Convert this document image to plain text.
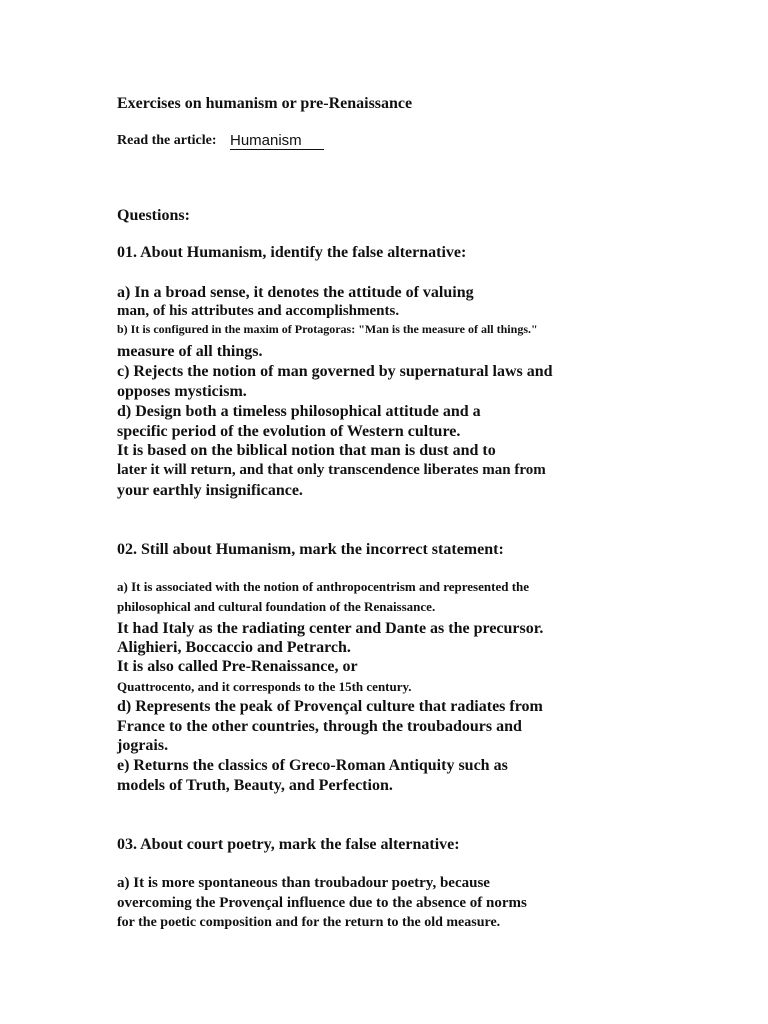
Exercises on humanism or pre-Renaissance
Read the article: Humanism
Questions:
01. About Humanism, identify the false alternative:
a) In a broad sense, it denotes the attitude of valuing
man, of his attributes and accomplishments.
b) It is configured in the maxim of Protagoras: "Man is the measure of all things."
measure of all things.
c) Rejects the notion of man governed by supernatural laws and
opposes mysticism.
d) Design both a timeless philosophical attitude and a
specific period of the evolution of Western culture.
It is based on the biblical notion that man is dust and to
later it will return, and that only transcendence liberates man from
your earthly insignificance.
02. Still about Humanism, mark the incorrect statement:
a) It is associated with the notion of anthropocentrism and represented the
philosophical and cultural foundation of the Renaissance.
It had Italy as the radiating center and Dante as the precursor.
Alighieri, Boccaccio and Petrarch.
It is also called Pre-Renaissance, or
Quattrocento, and it corresponds to the 15th century.
d) Represents the peak of Provençal culture that radiates from
France to the other countries, through the troubadours and
jograis.
e) Returns the classics of Greco-Roman Antiquity such as
models of Truth, Beauty, and Perfection.
03. About court poetry, mark the false alternative:
a) It is more spontaneous than troubadour poetry, because
overcoming the Provençal influence due to the absence of norms
for the poetic composition and for the return to the old measure.
